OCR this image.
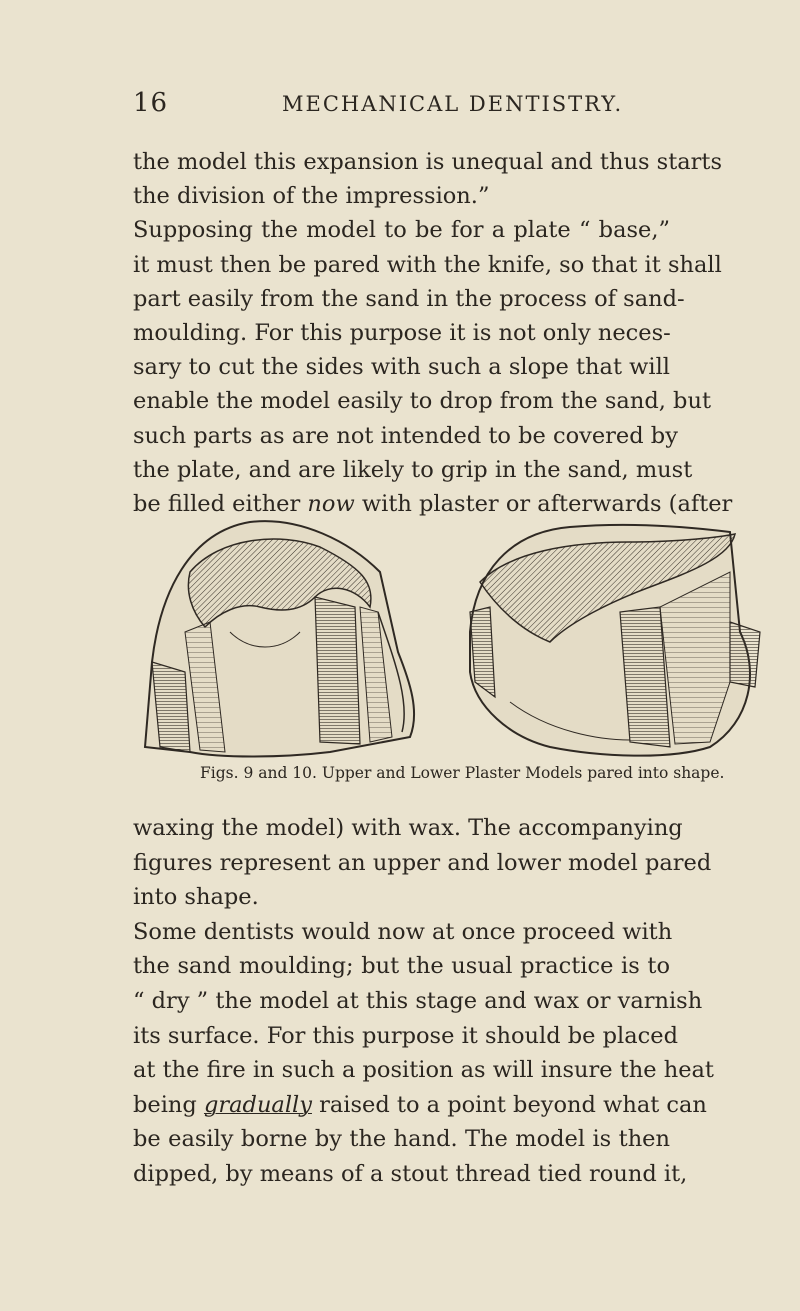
16	MECHANICAL DENTISTRY.
the model this expansion is unequal and thus starts
the division of the impression.”
Supposing the model to be for a plate “ base,”
it must then be pared with the knife, so that it shall
part easily from the sand in the process of sand-
moulding. For this purpose it is not only neces-
sary to cut the sides with such a slope that will
enable the model easily to drop from the sand, but
such parts as are not intended to be covered by
the plate, and are likely to grip in the sand, must
be filled either now with plaster or afterwards (after
Figs. 9 and 10. Upper and Lower Plaster Models pared into shape.
waxing the model) with wax. The accompanying
figures represent an upper and lower model pared
into shape.
Some dentists would now at once proceed with
the sand moulding; but the usual practice is to
“ dry ” the model at this stage and wax or varnish
its surface. For this purpose it should be placed
at the fire in such a position as will insure the heat
being gradually raised to a point beyond what can
be easily borne by the hand. The model is then
dipped, by means of a stout thread tied round it,
